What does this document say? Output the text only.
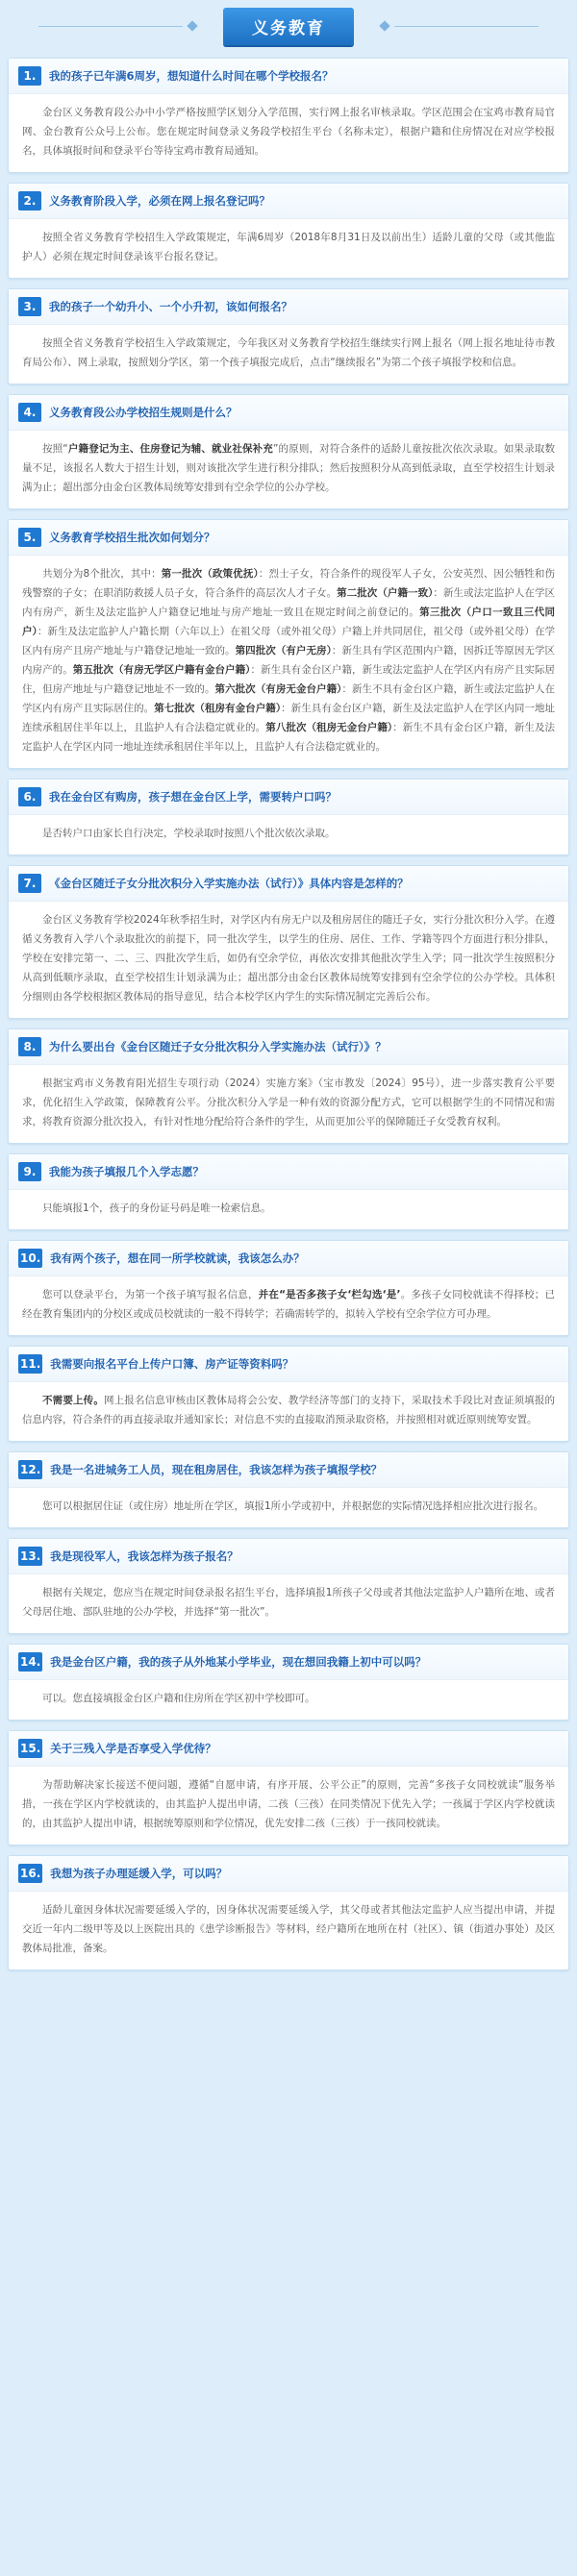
义务教育
1.	我的孩子已年满6周岁，想知道什么时间在哪个学校报名？
金台区义务教育段公办中小学严格按照学区划分入学范围，实行网上报名审核录取。学区范围会在宝鸡市教育局官网、金台教育公众号上公布。您在规定时间登录义务段学校招生平台（名称未定），根据户籍和住房情况在对应学校报名，具体填报时间和登录平台等待宝鸡市教育局通知。
2.	义务教育阶段入学，必须在网上报名登记吗？
按照全省义务教育学校招生入学政策规定，年满6周岁（2018年8月31日及以前出生）适龄儿童的父母（或其他监护人）必须在规定时间登录该平台报名登记。
3.	我的孩子一个幼升小、一个小升初，该如何报名？
按照全省义务教育学校招生入学政策规定，今年我区对义务教育学校招生继续实行网上报名（网上报名地址待市教育局公布）、网上录取，按照划分学区，第一个孩子填报完成后，点击“继续报名”为第二个孩子填报学校和信息。
4.	义务教育段公办学校招生规则是什么？
按照“户籍登记为主、住房登记为辅、就业社保补充”的原则，对符合条件的适龄儿童按批次依次录取。如果录取数量不足，该报名人数大于招生计划，则对该批次学生进行积分排队；然后按照积分从高到低录取，直至学校招生计划录满为止；超出部分由金台区教体局统筹安排到有空余学位的公办学校。
5.	义务教育学校招生批次如何划分？
共划分为8个批次，其中：第一批次（政策优抚）：烈士子女，符合条件的现役军人子女，公安英烈、因公牺牲和伤残警察的子女；在职消防救援人员子女，符合条件的高层次人才子女。第二批次（户籍一致）：新生或法定监护人在学区内有房产，新生及法定监护人户籍登记地址与房产地址一致且在规定时间之前登记的。第三批次（户口一致且三代同户）：新生及法定监护人户籍长期（六年以上）在祖父母（或外祖父母）户籍上并共同居住，祖父母（或外祖父母）在学区内有房产且房产地址与户籍登记地址一致的。第四批次（有户无房）：新生具有学区范围内户籍，因拆迁等原因无学区内房产的。第五批次（有房无学区户籍有金台户籍）：新生具有金台区户籍，新生或法定监护人在学区内有房产且实际居住，但房产地址与户籍登记地址不一致的。第六批次（有房无金台户籍）：新生不具有金台区户籍，新生或法定监护人在学区内有房产且实际居住的。第七批次（租房有金台户籍）：新生具有金台区户籍，新生及法定监护人在学区内同一地址连续承租居住半年以上，且监护人有合法稳定就业的。第八批次（租房无金台户籍）：新生不具有金台区户籍，新生及法定监护人在学区内同一地址连续承租居住半年以上，且监护人有合法稳定就业的。
6.	我在金台区有购房，孩子想在金台区上学，需要转户口吗？
是否转户口由家长自行决定，学校录取时按照八个批次依次录取。
7.	《金台区随迁子女分批次积分入学实施办法（试行）》具体内容是怎样的？
金台区义务教育学校2024年秋季招生时，对学区内有房无户以及租房居住的随迁子女，实行分批次积分入学。在遵循义务教育入学八个录取批次的前提下，同一批次学生，以学生的住房、居住、工作、学籍等四个方面进行积分排队，学校在安排完第一、二、三、四批次学生后，如仍有空余学位，再依次安排其他批次学生入学；同一批次学生按照积分从高到低顺序录取，直至学校招生计划录满为止；超出部分由金台区教体局统筹安排到有空余学位的公办学校。具体积分细则由各学校根据区教体局的指导意见，结合本校学区内学生的实际情况制定完善后公布。
8.	为什么要出台《金台区随迁子女分批次积分入学实施办法（试行）》？
根据宝鸡市义务教育阳光招生专项行动（2024）实施方案》（宝市教发〔2024〕95号），进一步落实教育公平要求，优化招生入学政策，保障教育公平。分批次积分入学是一种有效的资源分配方式，它可以根据学生的不同情况和需求，将教育资源分批次投入，有针对性地分配给符合条件的学生，从而更加公平的保障随迁子女受教育权利。
9.	我能为孩子填报几个入学志愿？
只能填报1个，孩子的身份证号码是唯一检索信息。
10. 我有两个孩子，想在同一所学校就读，我该怎么办？
您可以登录平台，为第一个孩子填写报名信息，并在“是否多孩子女‘栏勾选‘是’。多孩子女同校就读不得择校；已经在教育集团内的分校区或成员校就读的一般不得转学；若确需转学的，拟转入学校有空余学位方可办理。
11. 我需要向报名平台上传户口簿、房产证等资料吗？
不需要上传。网上报名信息审核由区教体局将会公安、教学经济等部门的支持下，采取技术手段比对查证须填报的信息内容，符合条件的再直接录取并通知家长；对信息不实的直接取消预录取资格，并按照相对就近原则统筹安置。
12. 我是一名进城务工人员，现在租房居住，我该怎样为孩子填报学校？
您可以根据居住证（或住房）地址所在学区，填报1所小学或初中，并根据您的实际情况选择相应批次进行报名。
13. 我是现役军人，我该怎样为孩子报名？
根据有关规定，您应当在规定时间登录报名招生平台，选择填报1所孩子父母或者其他法定监护人户籍所在地、或者父母居住地、部队驻地的公办学校，并选择“第一批次”。
14. 我是金台区户籍，我的孩子从外地某小学毕业，现在想回我籍上初中可以吗？
可以。您直接填报金台区户籍和住房所在学区初中学校即可。
15. 关于三残入学是否享受入学优待？
为帮助解决家长接送不便问题，遵循“自愿申请，有序开展、公平公正”的原则，完善“多孩子女同校就读”服务举措，一孩在学区内学校就读的，由其监护人提出申请，二孩（三孩）在同类情况下优先入学；一孩属于学区内学校就读的，由其监护人提出申请，根据统筹原则和学位情况，优先安排二孩（三孩）于一孩同校就读。
16. 我想为孩子办理延缓入学，可以吗？
适龄儿童因身体状况需要延缓入学的，因身体状况需要延缓入学，其父母或者其他法定监护人应当提出申请，并提交近一年内二级甲等及以上医院出具的《患学诊断报告》等材料，经户籍所在地所在村（社区）、镇（街道办事处）及区教体局批准，备案。
